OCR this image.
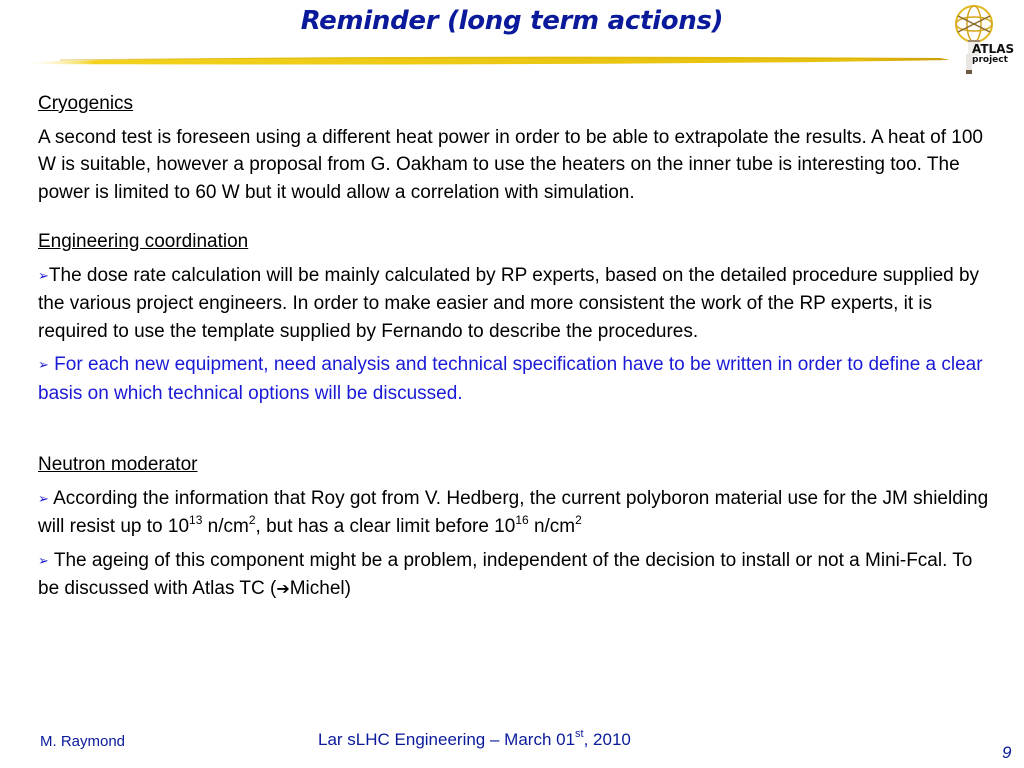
Reminder (long term actions)
ATLAS
project

Cryogenics

A second test is foreseen using a different heat power in order to be able to extrapolate the results. A heat of 100 W is suitable, however a proposal from G. Oakham to use the heaters on the inner tube is interesting too. The power is limited to 60 W but it would allow a correlation with simulation.

Engineering coordination

➢The dose rate calculation will be mainly calculated by RP experts, based on the detailed procedure supplied by the various project engineers. In order to make easier and more consistent the work of the RP experts, it is required to use the template supplied by Fernando to describe the procedures.

➢ For each new equipment, need analysis and technical specification have to be written in order to define a clear basis on which technical options will be discussed.

Neutron moderator

➢ According the information that Roy got from V. Hedberg, the current polyboron material use for the JM shielding will resist up to $10^{13}$ $n/cm^2$, but has a clear limit before $10^{16}$ $n/cm^2$

➢ The ageing of this component might be a problem, independent of the decision to install or not a Mini-Fcal. To be discussed with Atlas TC (➔Michel)

M. Raymond	Lar sLHC Engineering – March 01st, 2010
9
